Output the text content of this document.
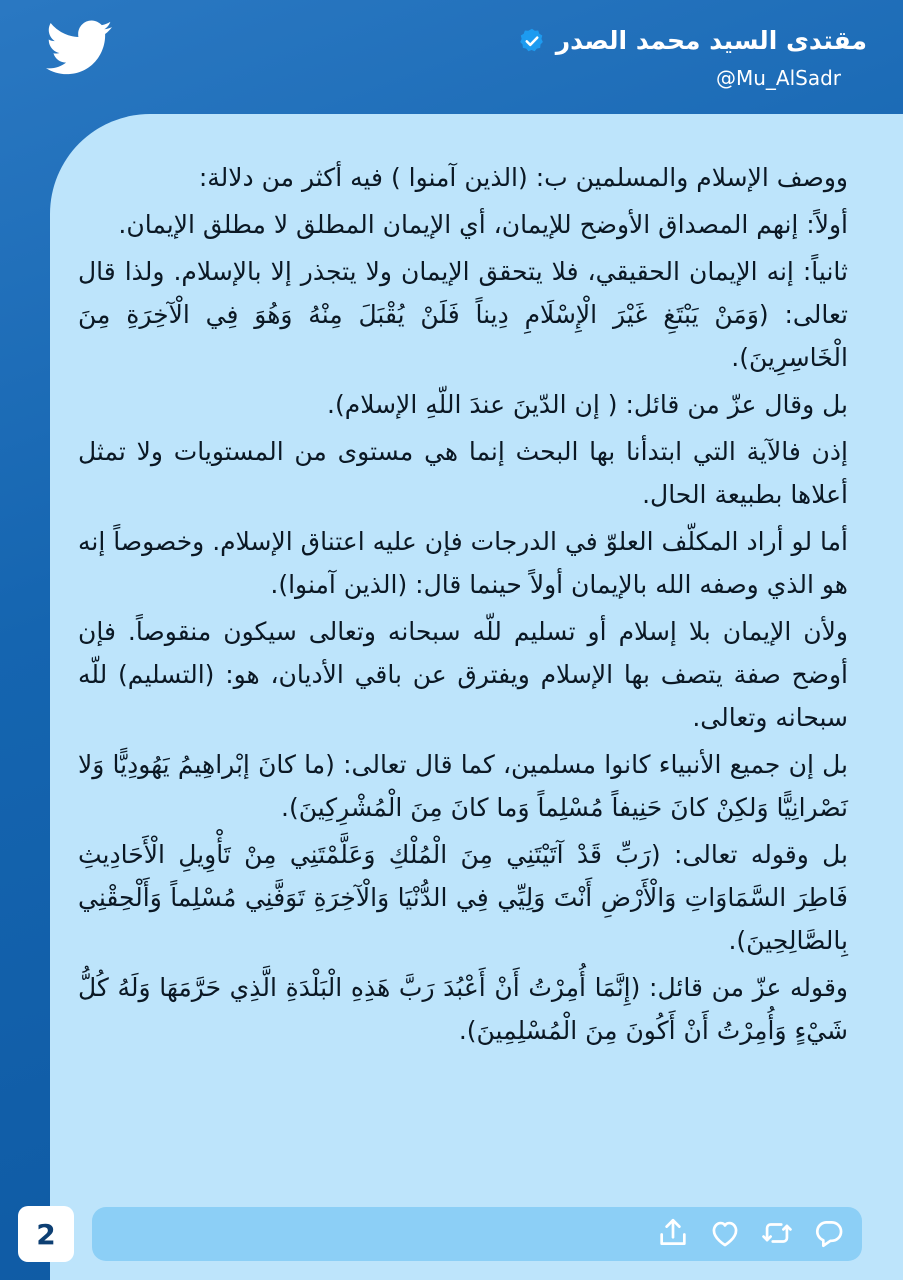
مقتدى السيد محمد الصدر
@Mu_AlSadr

ووصف الإسلام والمسلمين ب: (الذين آمنوا ) فيه أكثر من دلالة:

أولاً: إنهم المصداق الأوضح للإيمان، أي الإيمان المطلق لا مطلق الإيمان.

ثانياً: إنه الإيمان الحقيقي، فلا يتحقق الإيمان ولا يتجذر إلا بالإسلام. ولذا قال تعالى: (وَمَنْ يَبْتَغِ غَيْرَ الْإِسْلَامِ دِيناً فَلَنْ يُقْبَلَ مِنْهُ وَهُوَ فِي الْآخِرَةِ مِنَ الْخَاسِرِينَ).

بل وقال عزّ من قائل: ( إن الدّينَ عندَ اللّهِ الإسلام).

إذن فالآية التي ابتدأنا بها البحث إنما هي مستوى من المستويات ولا تمثل أعلاها بطبيعة الحال.

أما لو أراد المكلّف العلوّ في الدرجات فإن عليه اعتناق الإسلام. وخصوصاً إنه هو الذي وصفه الله بالإيمان أولاً حينما قال: (الذين آمنوا).

ولأن الإيمان بلا إسلام أو تسليم للّه سبحانه وتعالى سيكون منقوصاً. فإن أوضح صفة يتصف بها الإسلام ويفترق عن باقي الأديان، هو: (التسليم) للّه سبحانه وتعالى.

بل إن جميع الأنبياء كانوا مسلمين، كما قال تعالى: (ما كانَ إبْراهِيمُ يَهُودِيًّا وَلا نَصْرانِيًّا وَلكِنْ كانَ حَنِيفاً مُسْلِماً وَما كانَ مِنَ الْمُشْرِكِينَ).

بل وقوله تعالى: (رَبِّ قَدْ آتَيْتَنِي مِنَ الْمُلْكِ وَعَلَّمْتَنِي مِنْ تَأْوِيلِ الْأَحَادِيثِ فَاطِرَ السَّمَاوَاتِ وَالْأَرْضِ أَنْتَ وَلِيِّي فِي الدُّنْيَا وَالْآخِرَةِ تَوَفَّنِي مُسْلِماً وَأَلْحِقْنِي بِالصَّالِحِينَ).

وقوله عزّ من قائل: (إِنَّمَا أُمِرْتُ أَنْ أَعْبُدَ رَبَّ هَذِهِ الْبَلْدَةِ الَّذِي حَرَّمَهَا وَلَهُ كُلُّ شَيْءٍ وَأُمِرْتُ أَنْ أَكُونَ مِنَ الْمُسْلِمِينَ).

2
